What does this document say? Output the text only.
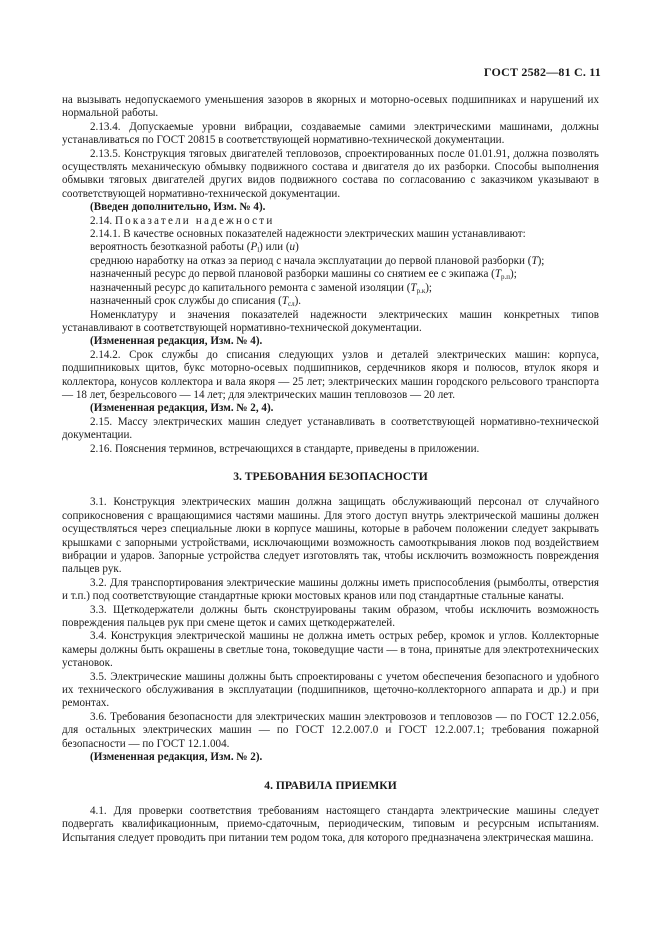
ГОСТ 2582—81 С. 11

на вызывать недопускаемого уменьшения зазоров в якорных и моторно-осевых подшипниках и нарушений их нормальной работы.

2.13.4. Допускаемые уровни вибрации, создаваемые самими электрическими машинами, должны устанавливаться по ГОСТ 20815 в соответствующей нормативно-технической документации.

2.13.5. Конструкция тяговых двигателей тепловозов, спроектированных после 01.01.91, должна позволять осуществлять механическую обмывку подвижного состава и двигателя до их разборки. Способы выполнения обмывки тяговых двигателей других видов подвижного состава по согласованию с заказчиком указывают в соответствующей нормативно-технической документации.

(Введен дополнительно, Изм. № 4).

2.14. Показатели надежности

2.14.1. В качестве основных показателей надежности электрических машин устанавливают:

вероятность безотказной работы $(P_l)$ или (u)

среднюю наработку на отказ за период с начала эксплуатации до первой плановой разборки (T);

назначенный ресурс до первой плановой разборки машины со снятием ее с экипажа $(T_{р.п})$;

назначенный ресурс до капитального ремонта с заменой изоляции $(T_{р.к})$;

назначенный срок службы до списания $(T_{сл})$.

Номенклатуру и значения показателей надежности электрических машин конкретных типов устанавливают в соответствующей нормативно-технической документации.

(Измененная редакция, Изм. № 4).

2.14.2. Срок службы до списания следующих узлов и деталей электрических машин: корпуса, подшипниковых щитов, букс моторно-осевых подшипников, сердечников якоря и полюсов, втулок якоря и коллектора, конусов коллектора и вала якоря — 25 лет; электрических машин городского рельсового транспорта — 18 лет, безрельсового — 14 лет; для электрических машин тепловозов — 20 лет.

(Измененная редакция, Изм. № 2, 4).

2.15. Массу электрических машин следует устанавливать в соответствующей нормативно-технической документации.

2.16. Пояснения терминов, встречающихся в стандарте, приведены в приложении.

3. ТРЕБОВАНИЯ БЕЗОПАСНОСТИ

3.1. Конструкция электрических машин должна защищать обслуживающий персонал от случайного соприкосновения с вращающимися частями машины. Для этого доступ внутрь электрической машины должен осуществляться через специальные люки в корпусе машины, которые в рабочем положении следует закрывать крышками с запорными устройствами, исключающими возможность самооткрывания люков под воздействием вибрации и ударов. Запорные устройства следует изготовлять так, чтобы исключить возможность повреждения пальцев рук.

3.2. Для транспортирования электрические машины должны иметь приспособления (рымболты, отверстия и т.п.) под соответствующие стандартные крюки мостовых кранов или под стандартные стальные канаты.

3.3. Щеткодержатели должны быть сконструированы таким образом, чтобы исключить возможность повреждения пальцев рук при смене щеток и самих щеткодержателей.

3.4. Конструкция электрической машины не должна иметь острых ребер, кромок и углов. Коллекторные камеры должны быть окрашены в светлые тона, токоведущие части — в тона, принятые для электротехнических установок.

3.5. Электрические машины должны быть спроектированы с учетом обеспечения безопасного и удобного их технического обслуживания в эксплуатации (подшипников, щеточно-коллекторного аппарата и др.) и при ремонтах.

3.6. Требования безопасности для электрических машин электровозов и тепловозов — по ГОСТ 12.2.056, для остальных электрических машин — по ГОСТ 12.2.007.0 и ГОСТ 12.2.007.1; требования пожарной безопасности — по ГОСТ 12.1.004.

(Измененная редакция, Изм. № 2).

4. ПРАВИЛА ПРИЕМКИ

4.1. Для проверки соответствия требованиям настоящего стандарта электрические машины следует подвергать квалификационным, приемо-сдаточным, периодическим, типовым и ресурсным испытаниям. Испытания следует проводить при питании тем родом тока, для которого предназначена электрическая машина.
